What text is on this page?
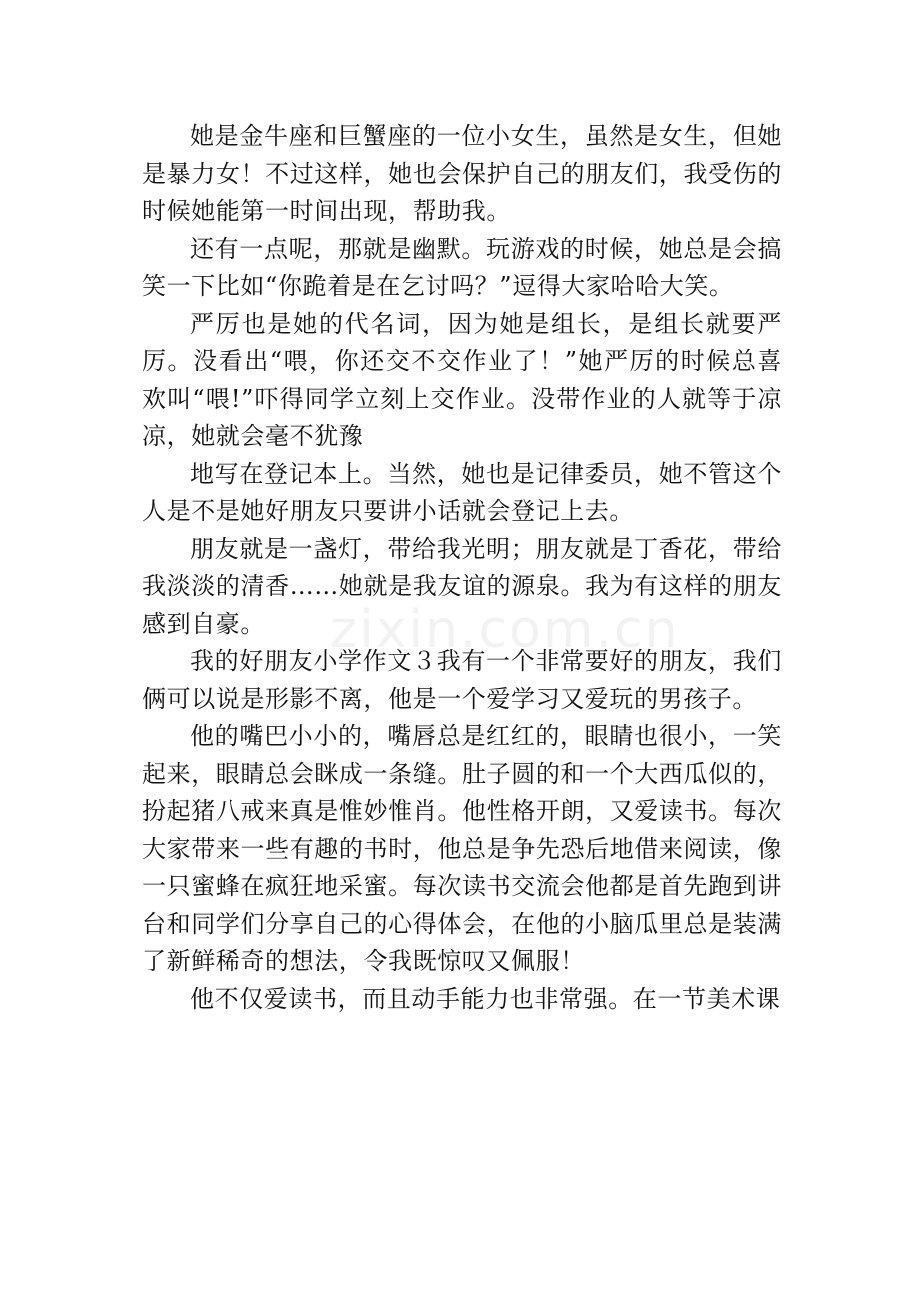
zixin.com.cn

她是金牛座和巨蟹座的一位小女生，虽然是女生，但她是暴力女！不过这样，她也会保护自己的朋友们，我受伤的时候她能第一时间出现，帮助我。

还有一点呢，那就是幽默。玩游戏的时候，她总是会搞笑一下比如“你跪着是在乞讨吗？”逗得大家哈哈大笑。

严厉也是她的代名词，因为她是组长，是组长就要严厉。没看出“喂，你还交不交作业了！”她严厉的时候总喜欢叫“喂!”吓得同学立刻上交作业。没带作业的人就等于凉凉，她就会毫不犹豫

地写在登记本上。当然，她也是记律委员，她不管这个人是不是她好朋友只要讲小话就会登记上去。

朋友就是一盏灯，带给我光明；朋友就是丁香花，带给我淡淡的清香……她就是我友谊的源泉。我为有这样的朋友感到自豪。

我的好朋友小学作文３我有一个非常要好的朋友，我们俩可以说是形影不离，他是一个爱学习又爱玩的男孩子。

他的嘴巴小小的，嘴唇总是红红的，眼睛也很小，一笑起来，眼睛总会眯成一条缝。肚子圆的和一个大西瓜似的，扮起猪八戒来真是惟妙惟肖。他性格开朗，又爱读书。每次大家带来一些有趣的书时，他总是争先恐后地借来阅读，像一只蜜蜂在疯狂地采蜜。每次读书交流会他都是首先跑到讲台和同学们分享自己的心得体会，在他的小脑瓜里总是装满了新鲜稀奇的想法，令我既惊叹又佩服！

他不仅爱读书，而且动手能力也非常强。在一节美术课
